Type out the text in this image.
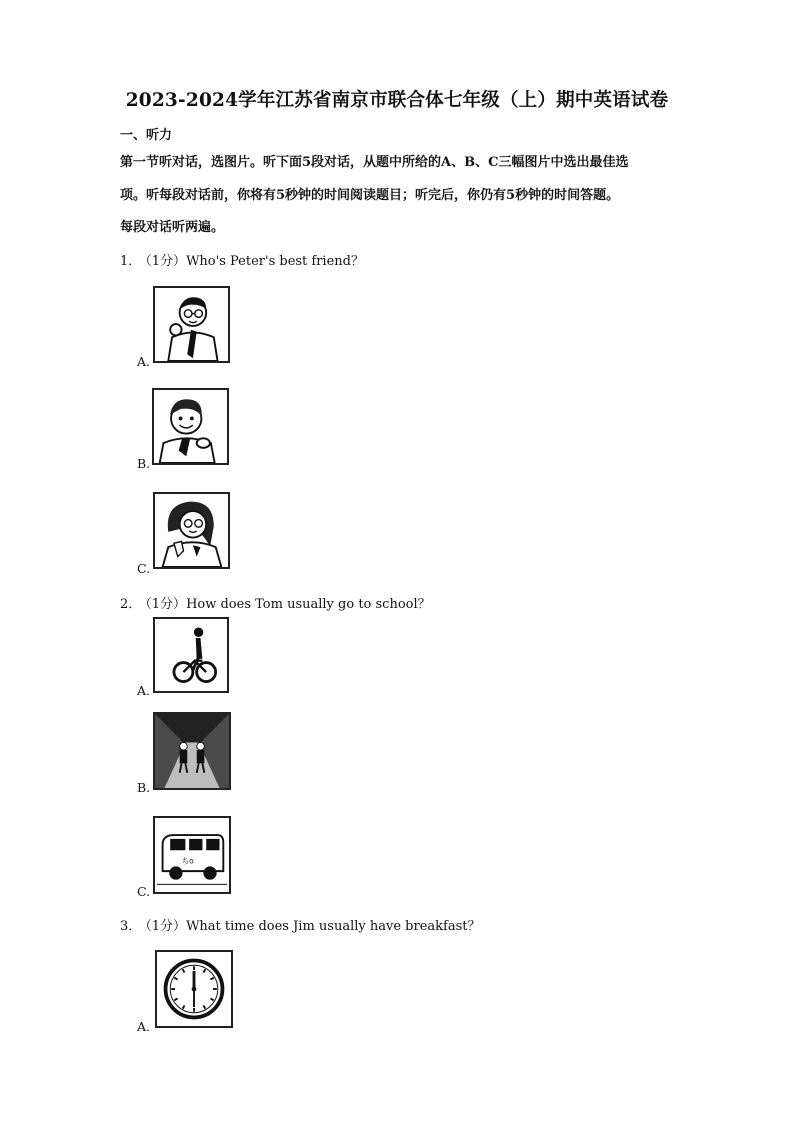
2023-2024学年江苏省南京市联合体七年级（上）期中英语试卷
一、听力
第一节听对话，选图片。听下面5段对话，从题中所给的A、B、C三幅图片中选出最佳选
项。听每段对话前，你将有5秒钟的时间阅读题目；听完后，你仍有5秒钟的时间答题。
每段对话听两遍。
1． （1分）Who's Peter's best friend？
A.
B.
C.
2． （1分）How does Tom usually go to school？
A.
B.
ちo
C.
3． （1分）What time does Jim usually have breakfast？
A.
